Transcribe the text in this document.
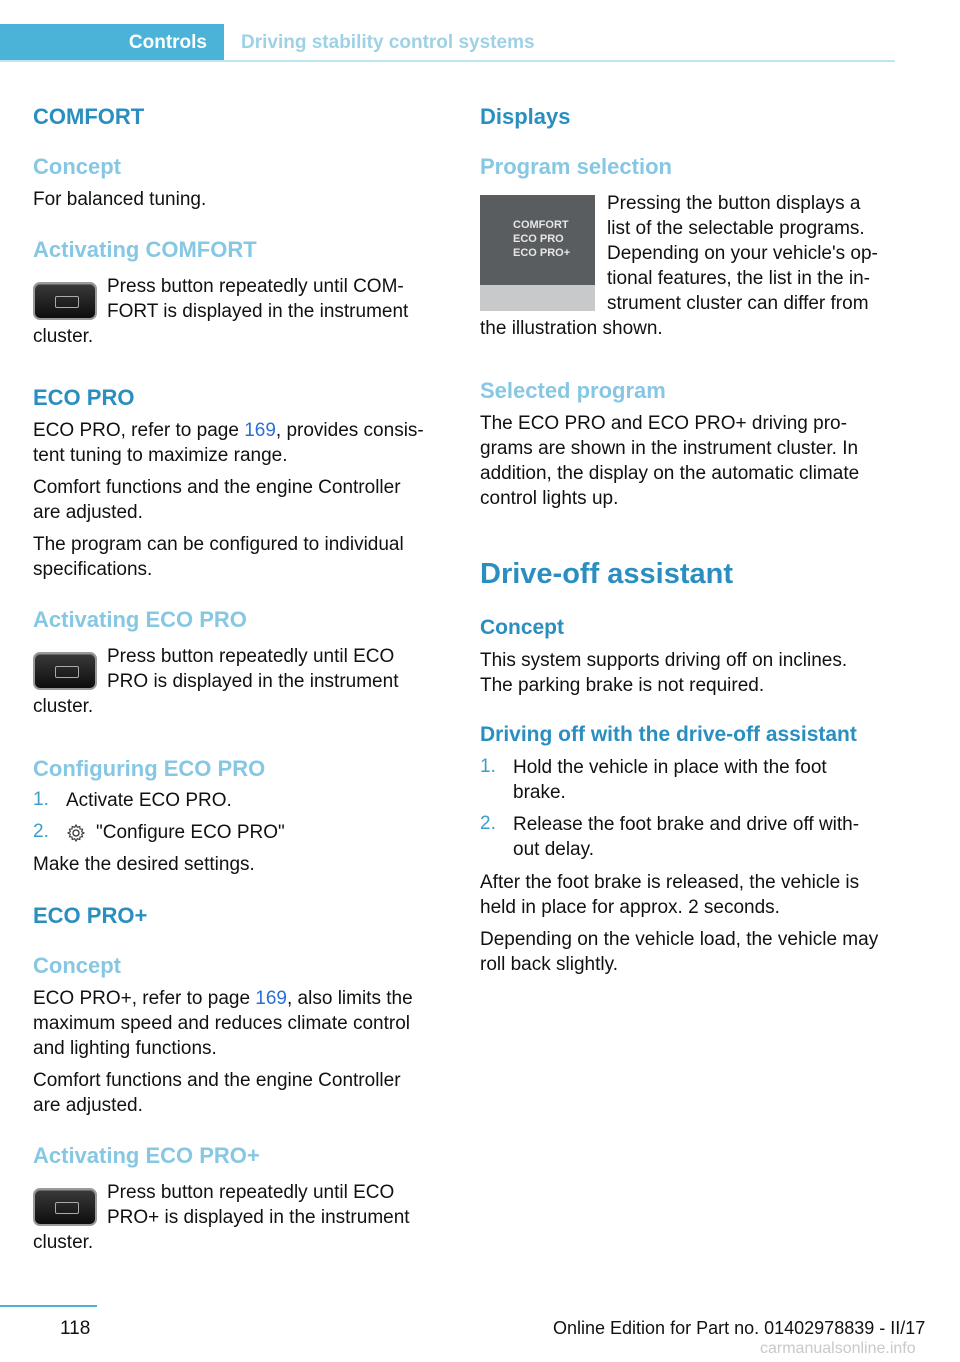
Controls	Driving stability control systems
COMFORT
Concept
For balanced tuning.
Activating COMFORT
Press button repeatedly until COM‐
FORT is displayed in the instrument
cluster.
ECO PRO
ECO PRO, refer to page 169, provides consis‐
tent tuning to maximize range.
Comfort functions and the engine Controller
are adjusted.
The program can be configured to individual
specifications.
Activating ECO PRO
Press button repeatedly until ECO
PRO is displayed in the instrument
cluster.
Configuring ECO PRO
1. Activate ECO PRO.
2. "Configure ECO PRO"
Make the desired settings.
ECO PRO+
Concept
ECO PRO+, refer to page 169, also limits the
maximum speed and reduces climate control
and lighting functions.
Comfort functions and the engine Controller
are adjusted.
Activating ECO PRO+
Press button repeatedly until ECO
PRO+ is displayed in the instrument
cluster.
Displays
Program selection
COMFORT
ECO PRO
ECO PRO+
Pressing the button displays a
list of the selectable programs.
Depending on your vehicle's op‐
tional features, the list in the in‐
strument cluster can differ from
the illustration shown.
Selected program
The ECO PRO and ECO PRO+ driving pro‐
grams are shown in the instrument cluster. In
addition, the display on the automatic climate
control lights up.
Drive-off assistant
Concept
This system supports driving off on inclines.
The parking brake is not required.
Driving off with the drive-off assistant
1. Hold the vehicle in place with the foot
brake.
2. Release the foot brake and drive off with‐
out delay.
After the foot brake is released, the vehicle is
held in place for approx. 2 seconds.
Depending on the vehicle load, the vehicle may
roll back slightly.
118	Online Edition for Part no. 01402978839 - II/17
carmanualsonline.info
